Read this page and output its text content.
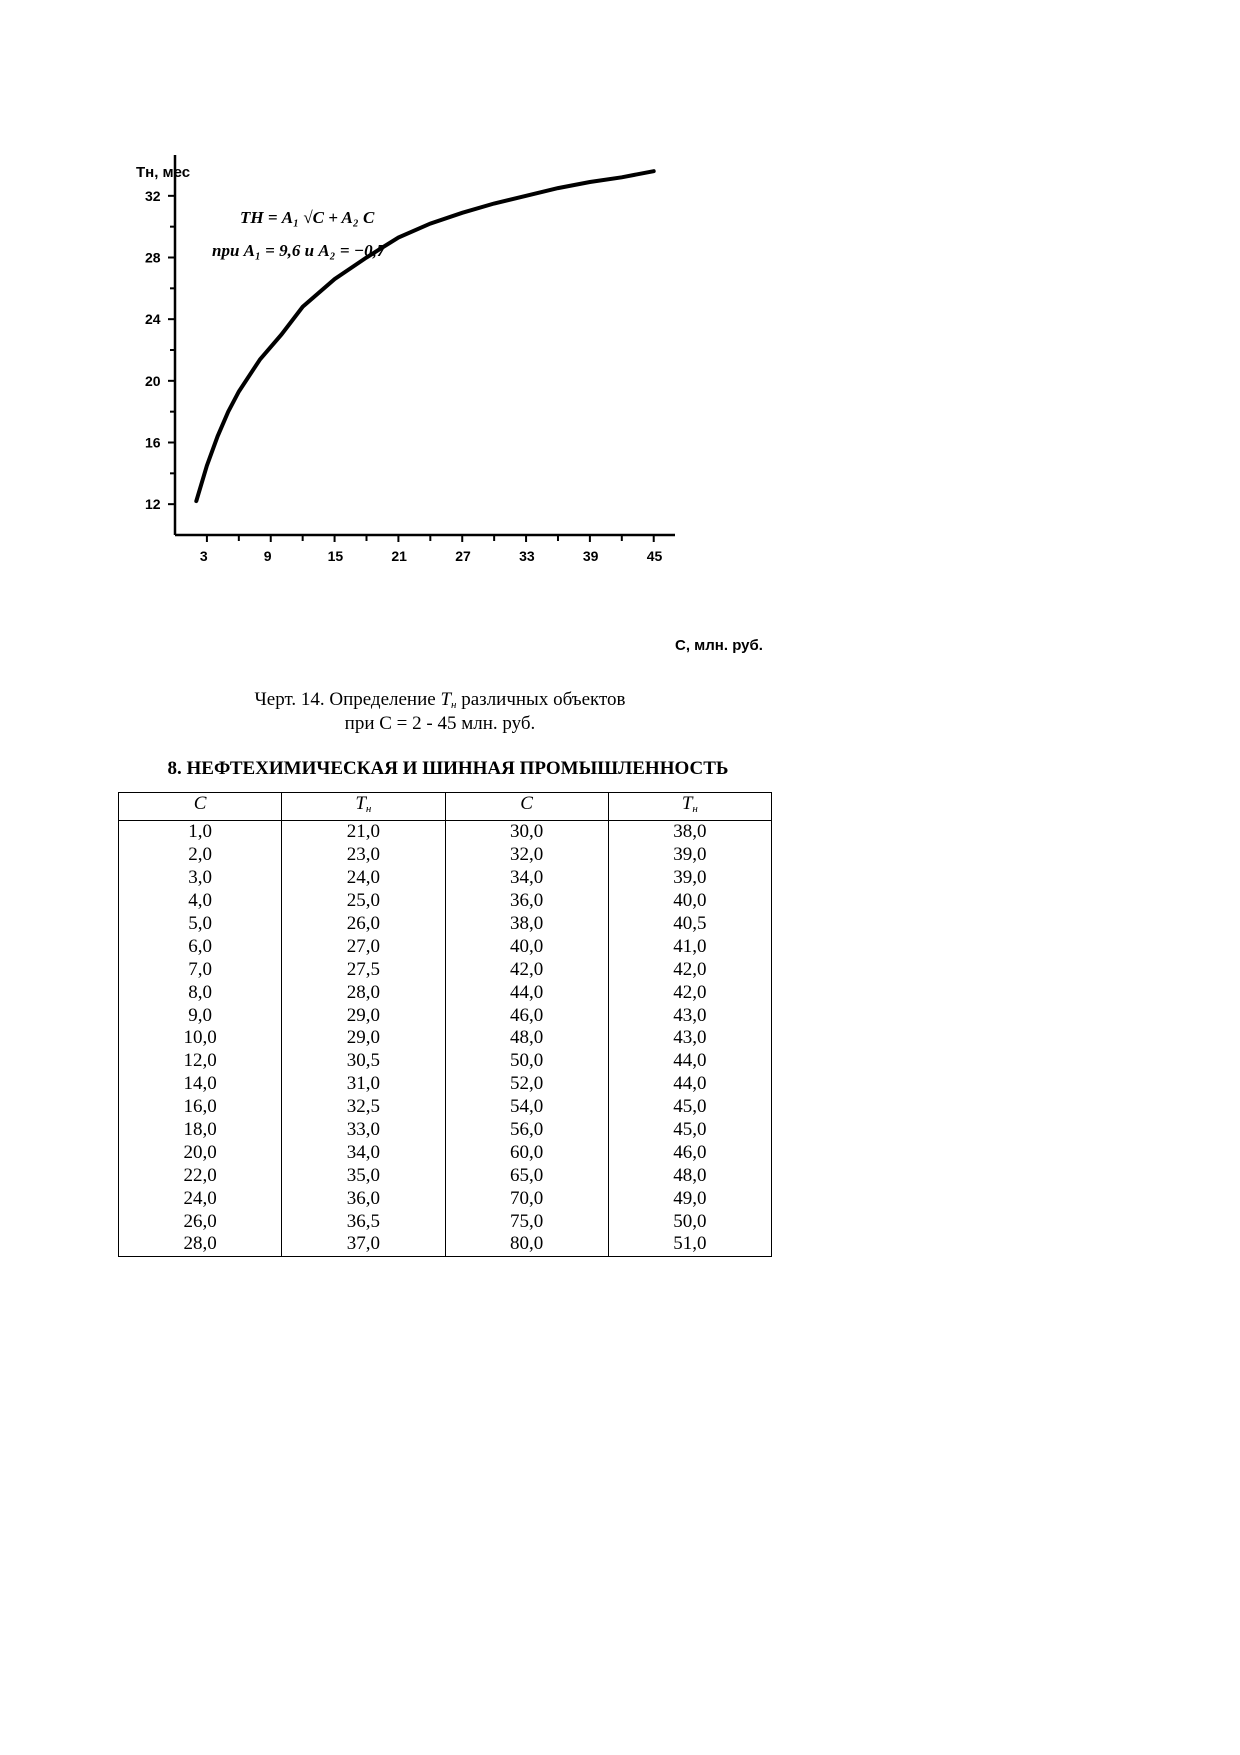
12
16
20
24
28
32
3	9	15	21	27	33	39	45
Tн, мес
С, млн. руб.
TН = A₁ √C + A₂ C
при A₁ = 9,6 и A₂ = −0,7
Черт. 14. Определение $Т_н$ различных объектов
при С = 2 - 45 млн. руб.
8. НЕФТЕХИМИЧЕСКАЯ И ШИННАЯ ПРОМЫШЛЕННОСТЬ
С	$Т_н$	С	$Т_н$
1,0	21,0	30,0	38,0
2,0	23,0	32,0	39,0
3,0	24,0	34,0	39,0
4,0	25,0	36,0	40,0
5,0	26,0	38,0	40,5
6,0	27,0	40,0	41,0
7,0	27,5	42,0	42,0
8,0	28,0	44,0	42,0
9,0	29,0	46,0	43,0
10,0	29,0	48,0	43,0
12,0	30,5	50,0	44,0
14,0	31,0	52,0	44,0
16,0	32,5	54,0	45,0
18,0	33,0	56,0	45,0
20,0	34,0	60,0	46,0
22,0	35,0	65,0	48,0
24,0	36,0	70,0	49,0
26,0	36,5	75,0	50,0
28,0	37,0	80,0	51,0
